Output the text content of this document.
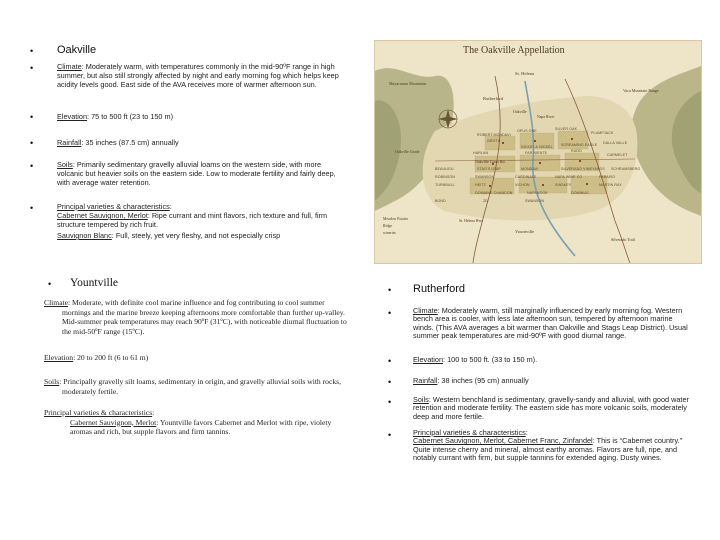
• Oakville
•	Climate: Moderately warm, with temperatures commonly in the mid-90ºF range in high summer, but also still strongly affected by night and early morning fog which helps keep acidity levels good. East side of the AVA receives more of warmer afternoon sun.
•	Elevation: 75 to 500 ft (23 to 150 m)
•	Rainfall: 35 inches (87.5 cm) annually
•	Soils: Primarily sedimentary gravelly alluvial loams on the western side, with more volcanic but heavier soils on the eastern side. Low to moderate fertility and fairly deep, with average water retention.
•	Principal varieties & characteristics:
Cabernet Sauvignon, Merlot: Ripe currant and mint flavors, rich texture and full, firm structure tempered by rich fruit.
Sauvignon Blanc: Full, steely, yet very fleshy, and not especially crisp
The Oakville Appellation
Mayacamas Mountains
St. Helena
Vaca Mountain Range
Rutherford
Oakville Grade
Oakville Cross Rd.
Oakville
Napa River
Yountville
Silverado Trail
St. Helena Hwy
Meadow Estates
Ridge
wineries
ROBERT MONDAVI
OPUS ONE	SILVER OAK
PLUMPJACK
GROTH
NICKEL & NICKEL SCREAMING EAGLE DALLA VALLE
HARLAN	FAR NIENTE	RUDD
CARMELET
BEAULIEU	STAG'S LEAP	MONDAVI	SILVERADO VINEYARDS SCHRAMSBERG
ROBINSON	SWANSON	CARDINALE	NAPA WINE CO	PARAISO
TURNBULL	HEITZ	VICHON	SINSKEY	MARTIN RAY
DOMAINE CHANDON	NAPANOOK	DOMINUS
BOND	ZD	SWANSON
• Yountville
Climate: Moderate, with definite cool marine influence and fog contributing to cool summer mornings and the marine breeze keeping afternoons more comfortable than further up-valley. Mid-summer peak temperatures may reach 90ºF (31ºC), with noticeable diurnal fluctuation to the mid-50ºF range (15ºC).
Elevation: 20 to 200 ft (6 to 61 m)
Soils: Principally gravelly silt loams, sedimentary in origin, and gravelly alluvial soils with rocks, moderately fertile.
Principal varieties & characteristics:
Cabernet Sauvignon, Merlot: Yountville favors Cabernet and Merlot with ripe, violety aromas and rich, but supple flavors and firm tannins.
• Rutherford
•	Climate: Moderately warm, still marginally influenced by early morning fog. Western bench area is cooler, with less late afternoon sun, tempered by afternoon marine winds. (This AVA averages a bit warmer than Oakville and Stags Leap District). Usual summer peak temperatures are mid-90ºF with good diurnal range.
•	Elevation: 100 to 500 ft. (33 to 150 m).
•	Rainfall: 38 inches (95 cm) annually
•	Soils: Western benchland is sedimentary, gravelly-sandy and alluvial, with good water retention and moderate fertility. The eastern side has more volcanic soils, moderately deep and more fertile.
•	Principal varieties & characteristics:
Cabernet Sauvignon, Merlot, Cabernet Franc, Zinfandel: This is “Cabernet country.” Quite intense cherry and mineral, almost earthy aromas. Flavors are full, ripe, and notably currant with firm, but supple tannins for extended aging. Dusty wines.
